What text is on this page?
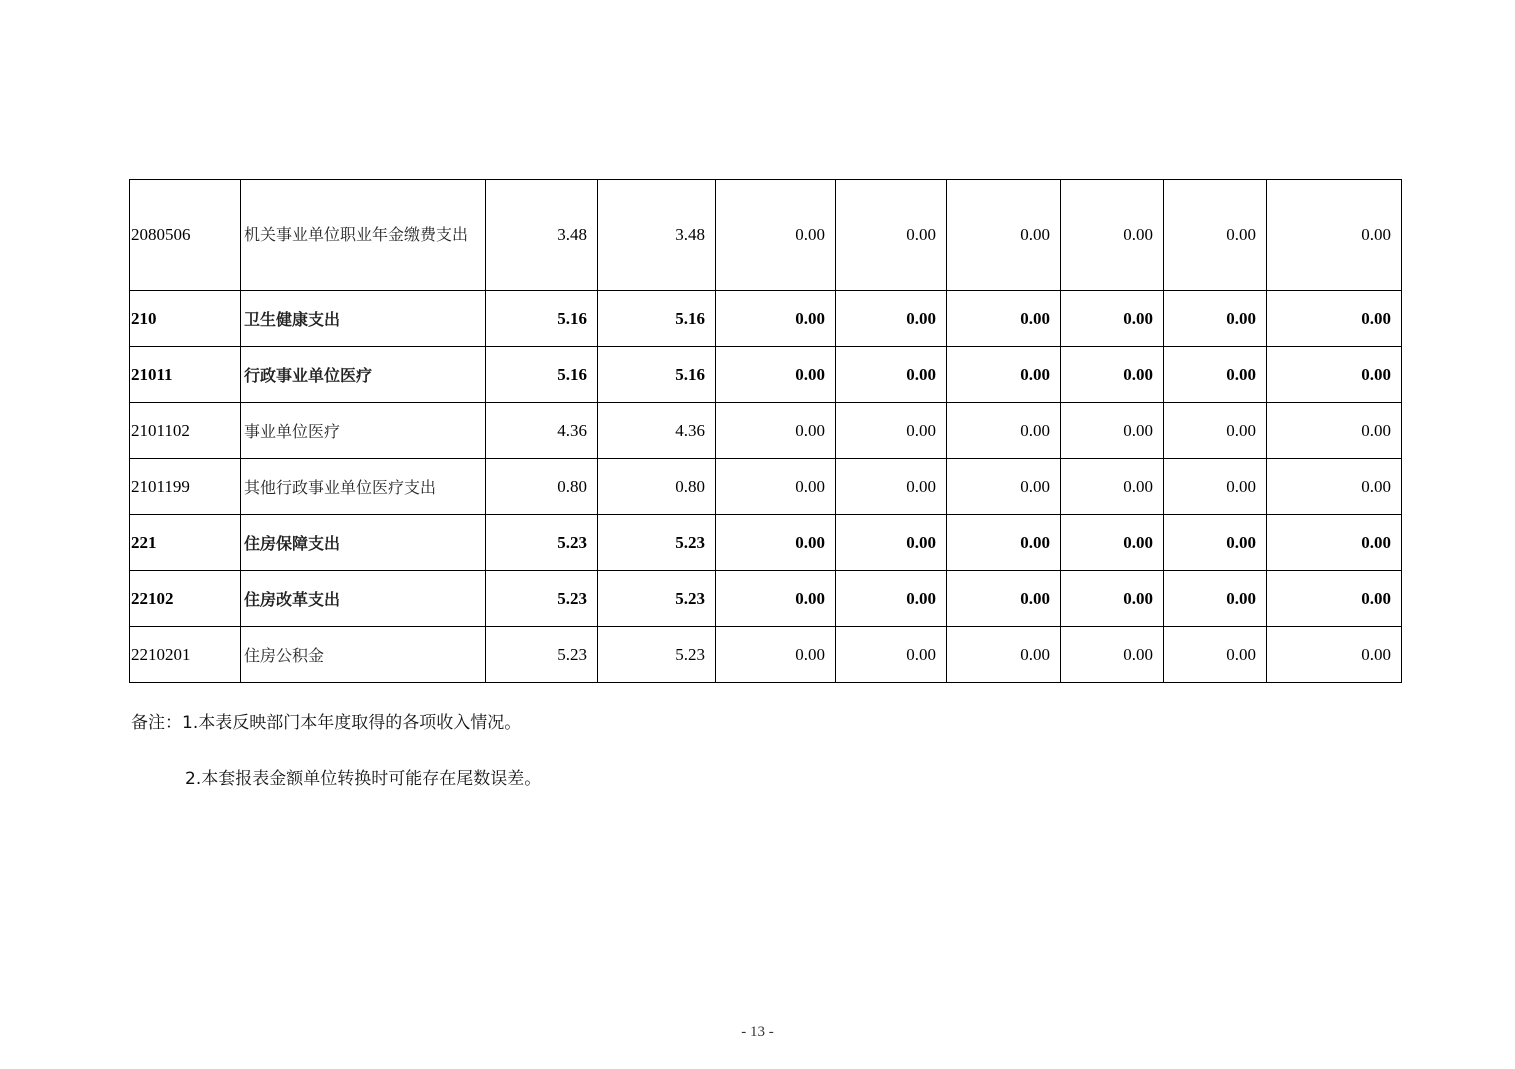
2080506	机关事业单位职业年金缴费支出	3.48	3.48	0.00	0.00	0.00	0.00	0.00	0.00
210	卫生健康支出	5.16	5.16	0.00	0.00	0.00	0.00	0.00	0.00
21011	行政事业单位医疗	5.16	5.16	0.00	0.00	0.00	0.00	0.00	0.00
2101102	事业单位医疗	4.36	4.36	0.00	0.00	0.00	0.00	0.00	0.00
2101199	其他行政事业单位医疗支出	0.80	0.80	0.00	0.00	0.00	0.00	0.00	0.00
221	住房保障支出	5.23	5.23	0.00	0.00	0.00	0.00	0.00	0.00
22102	住房改革支出	5.23	5.23	0.00	0.00	0.00	0.00	0.00	0.00
2210201	住房公积金	5.23	5.23	0.00	0.00	0.00	0.00	0.00	0.00
备注：1.本表反映部门本年度取得的各项收入情况。
2.本套报表金额单位转换时可能存在尾数误差。
- 13 -
